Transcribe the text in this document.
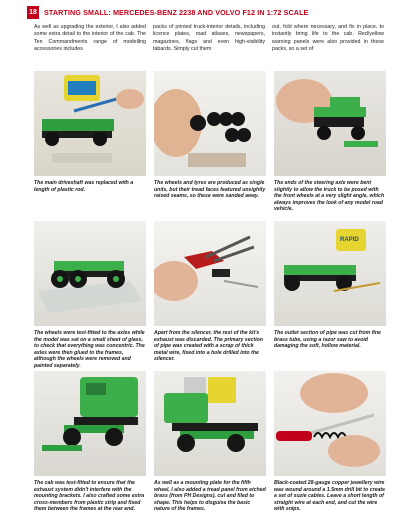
18 STARTING SMALL: MERCEDES-BENZ 2238 AND VOLVO F12 IN 1:72 SCALE

As well as upgrading the exterior, I also added some extra detail to the interior of the cab. The Ten Commandments range of modelling accessories includes

packs of printed truck-interior details, including licence plates, road atlases, newspapers, magazines, flags and even high-visibility tabards. Simply cut them

out, fold where necessary, and fix in place, to instantly bring life to the cab. Red/yellow warning panels were also provided in these packs, so a set of

The main driveshaft was replaced with a length of plastic rod.

The wheels and tyres are produced as single units, but their tread faces featured unsightly raised seams, so these were sanded away.

The ends of the steering axle were bent slightly to allow the truck to be posed with the front wheels at a very slight angle, which always improves the look of any model road vehicle.

The wheels were test-fitted to the axles while the model was sat on a small sheet of glass, to check that everything was concentric. The axles were then glued to the frames, although the wheels were removed and painted separately.

Apart from the silencer, the rest of the kit's exhaust was discarded. The primary section of pipe was created with a scrap of thick metal wire, fixed into a hole drilled into the silencer.

RAPID

The outlet section of pipe was cut from fine brass tube, using a razor saw to avoid damaging the soft, hollow material.

The cab was test-fitted to ensure that the exhaust system didn't interfere with the mounting brackets. I also crafted some extra cross-members from plastic strip and fixed them between the frames at the rear end.

As well as a mounting plate for the fifth wheel, I also added a tread panel from etched brass (from PH Designs), cut and filed to shape. This helps to disguise the basic nature of the frames.

Black-coated 28-gauge copper jewellery wire was wound around a 1.5mm drill bit to create a set of suzie cables. Leave a short length of straight wire at each end, and cut the wire with snips.
